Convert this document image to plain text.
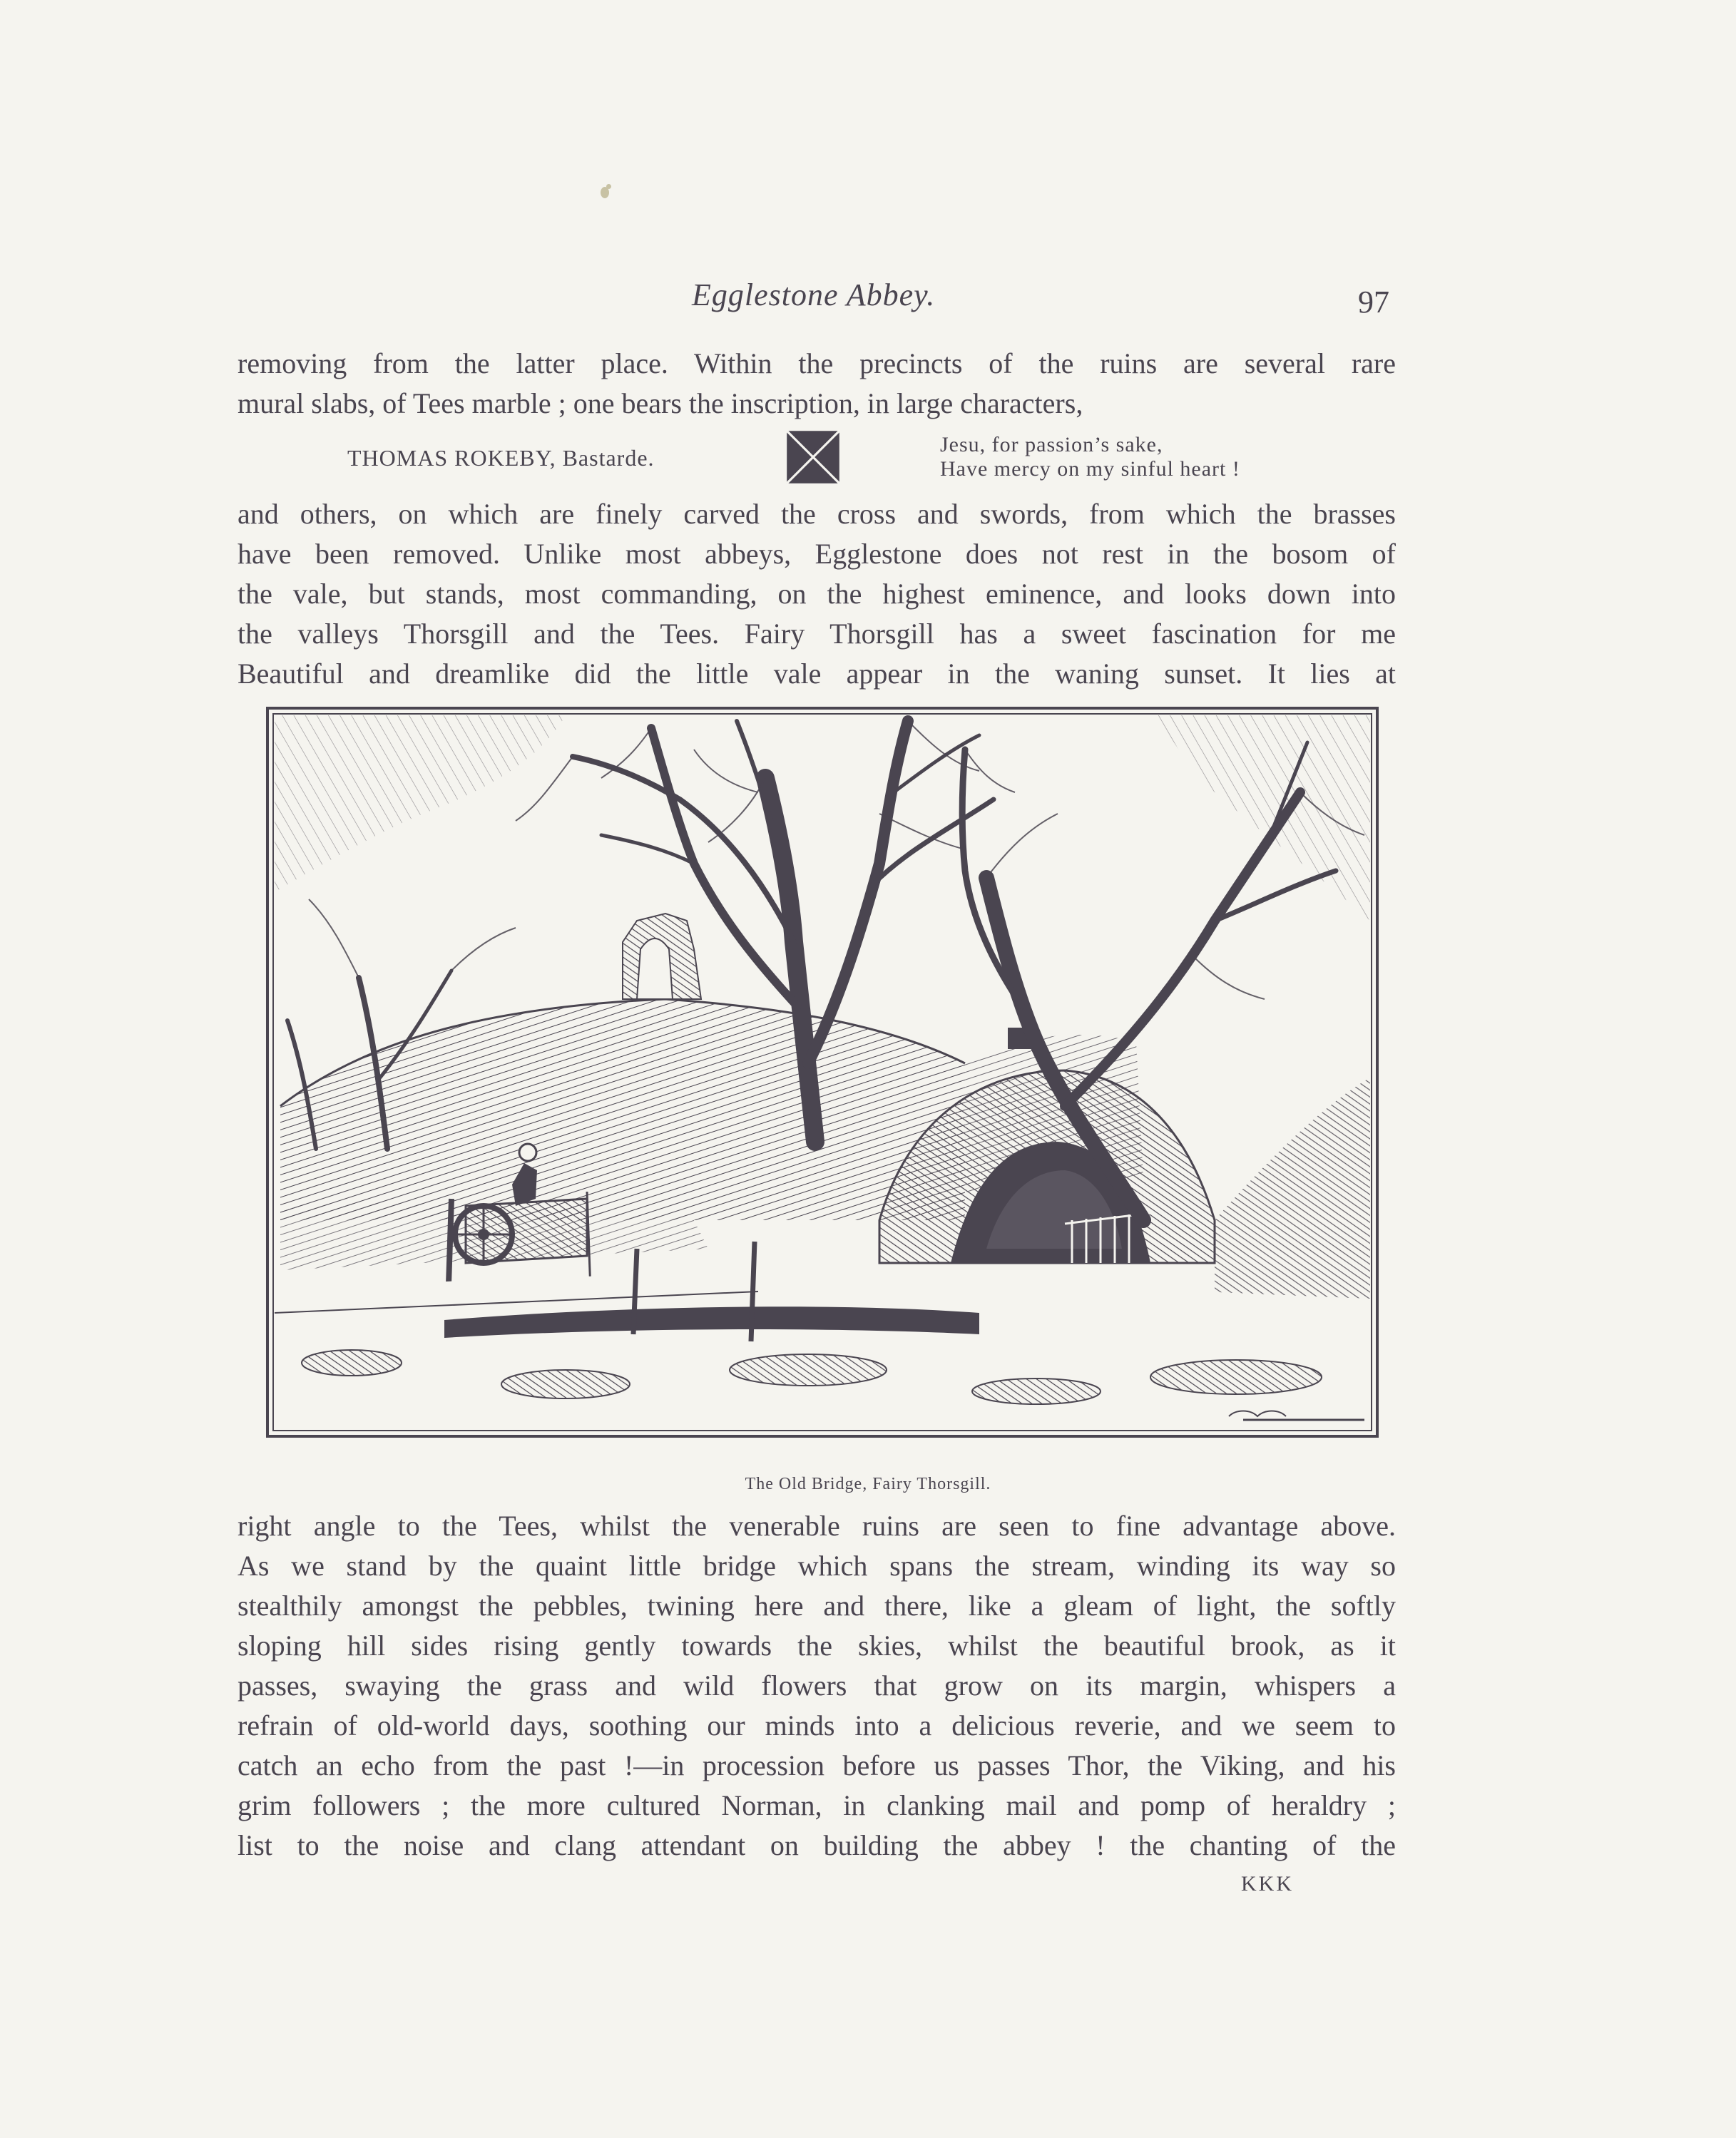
Egglestone Abbey.	97
removing from the latter place. Within the precincts of the ruins are several rare
mural slabs, of Tees marble ; one bears the inscription, in large characters,
THOMAS ROKEBY, Bastarde.
Jesu, for passion’s sake,
Have mercy on my sinful heart !
and others, on which are finely carved the cross and swords, from which the brasses
have been removed. Unlike most abbeys, Egglestone does not rest in the bosom of
the vale, but stands, most commanding, on the highest eminence, and looks down into
the valleys Thorsgill and the Tees. Fairy Thorsgill has a sweet fascination for me
Beautiful and dreamlike did the little vale appear in the waning sunset. It lies at
The Old Bridge, Fairy Thorsgill.
right angle to the Tees, whilst the venerable ruins are seen to fine advantage above.
As we stand by the quaint little bridge which spans the stream, winding its way so
stealthily amongst the pebbles, twining here and there, like a gleam of light, the softly
sloping hill sides rising gently towards the skies, whilst the beautiful brook, as it
passes, swaying the grass and wild flowers that grow on its margin, whispers a
refrain of old-world days, soothing our minds into a delicious reverie, and we seem to
catch an echo from the past !—in procession before us passes Thor, the Viking, and his
grim followers ; the more cultured Norman, in clanking mail and pomp of heraldry ;
list to the noise and clang attendant on building the abbey ! the chanting of the
KKK
